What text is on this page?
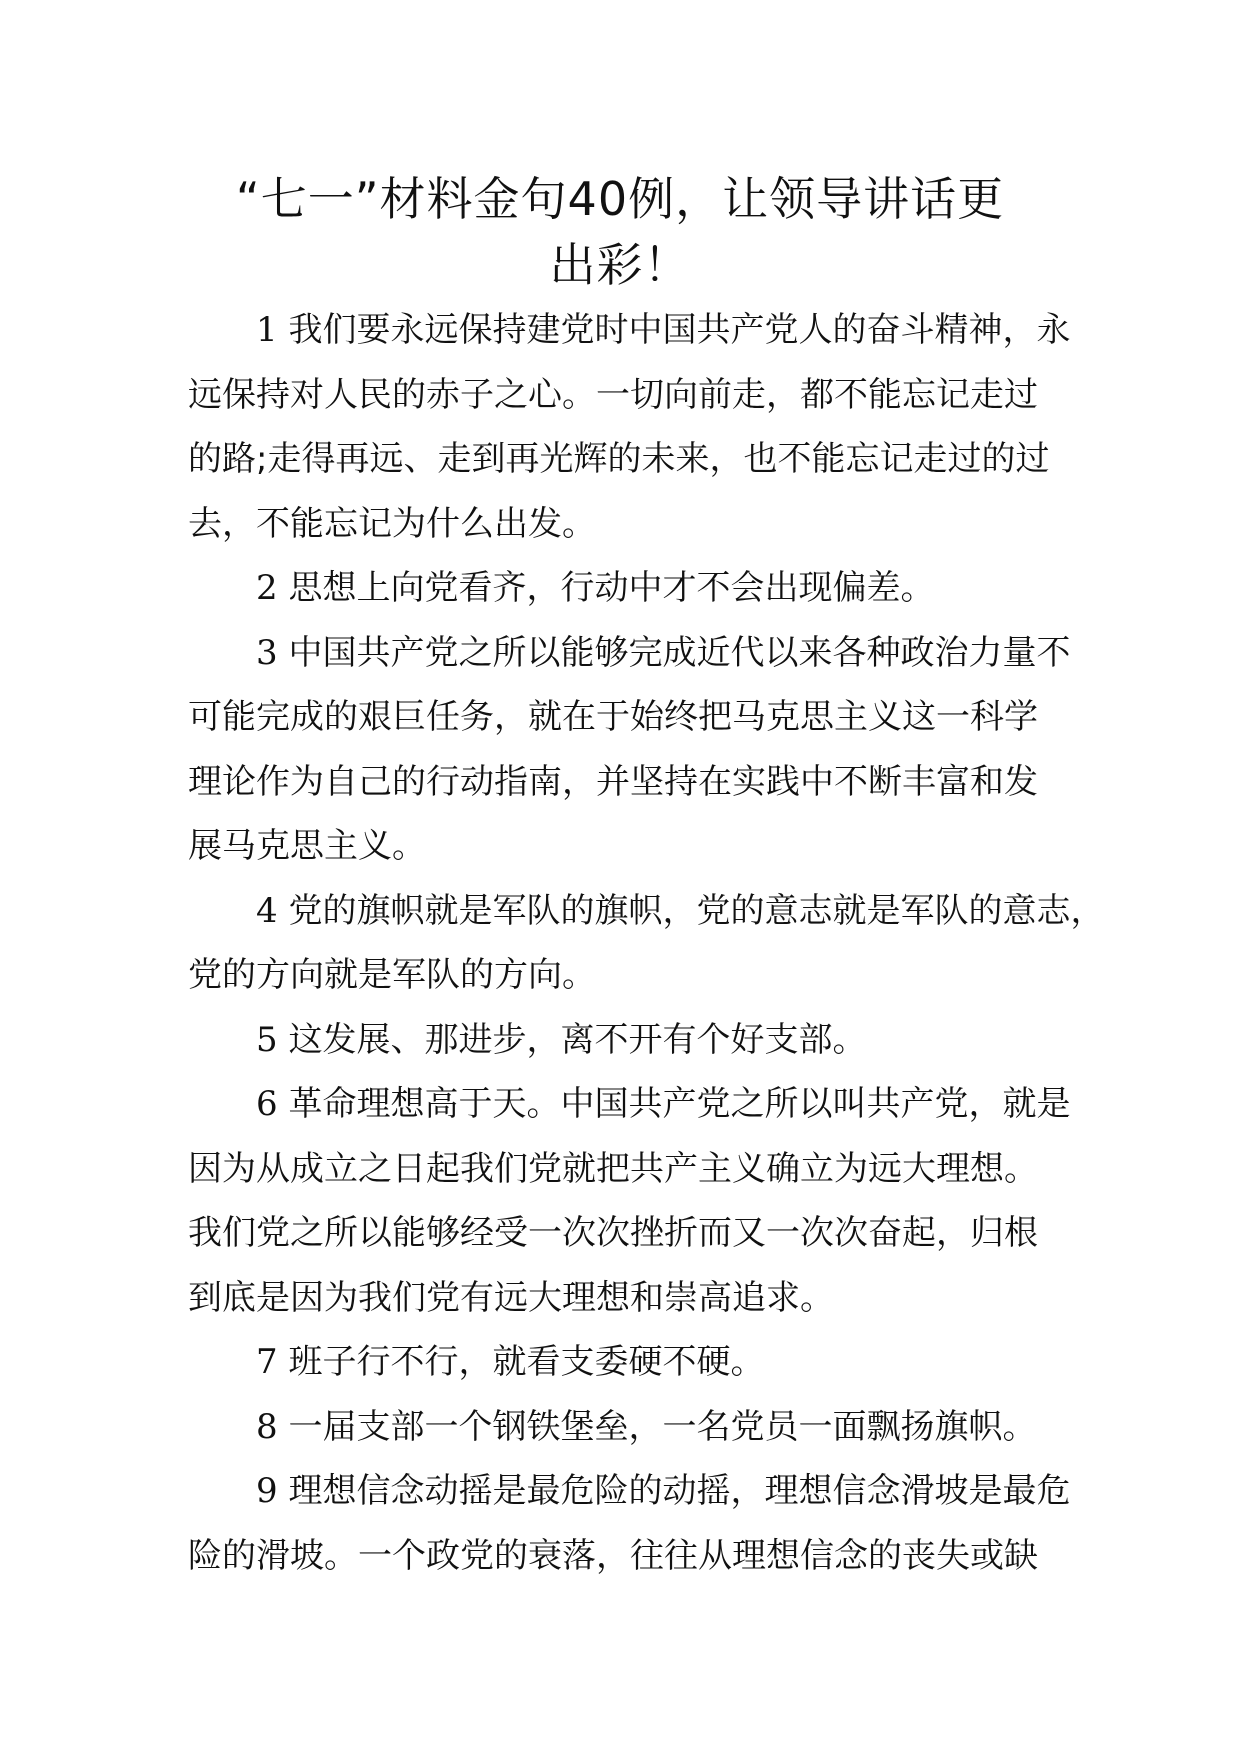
“七一”材料金句40例，让领导讲话更
出彩！

1 我们要永远保持建党时中国共产党人的奋斗精神，永
远保持对人民的赤子之心。一切向前走，都不能忘记走过
的路;走得再远、走到再光辉的未来，也不能忘记走过的过
去，不能忘记为什么出发。

2 思想上向党看齐，行动中才不会出现偏差。

3 中国共产党之所以能够完成近代以来各种政治力量不
可能完成的艰巨任务，就在于始终把马克思主义这一科学
理论作为自己的行动指南，并坚持在实践中不断丰富和发
展马克思主义。

4 党的旗帜就是军队的旗帜，党的意志就是军队的意志，
党的方向就是军队的方向。

5 这发展、那进步，离不开有个好支部。

6 革命理想高于天。中国共产党之所以叫共产党，就是
因为从成立之日起我们党就把共产主义确立为远大理想。
我们党之所以能够经受一次次挫折而又一次次奋起，归根
到底是因为我们党有远大理想和崇高追求。

7 班子行不行，就看支委硬不硬。

8 一届支部一个钢铁堡垒，一名党员一面飘扬旗帜。

9 理想信念动摇是最危险的动摇，理想信念滑坡是最危
险的滑坡。一个政党的衰落，往往从理想信念的丧失或缺
